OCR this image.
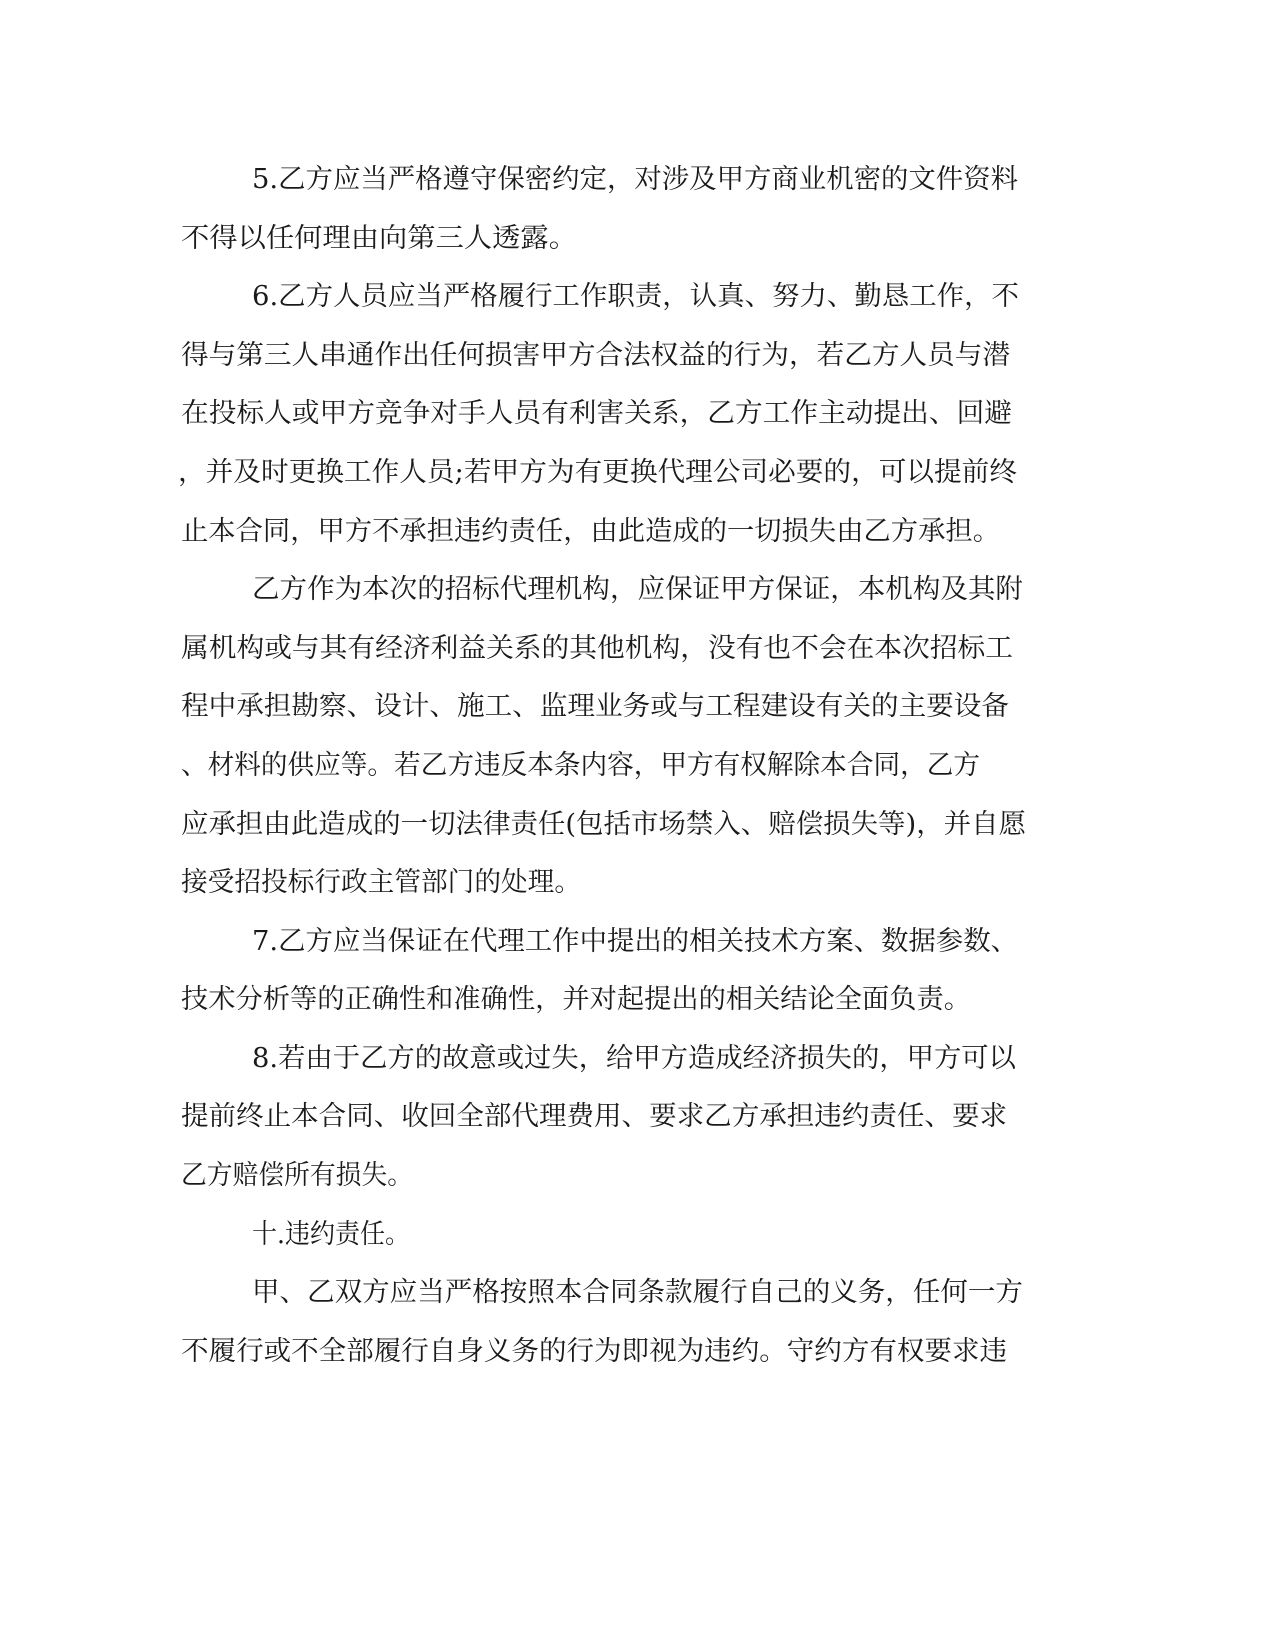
5.乙方应当严格遵守保密约定，对涉及甲方商业机密的文件资料
不得以任何理由向第三人透露。
6.乙方人员应当严格履行工作职责，认真、努力、勤恳工作，不
得与第三人串通作出任何损害甲方合法权益的行为，若乙方人员与潜
在投标人或甲方竞争对手人员有利害关系，乙方工作主动提出、回避
，并及时更换工作人员;若甲方为有更换代理公司必要的，可以提前终
止本合同，甲方不承担违约责任，由此造成的一切损失由乙方承担。
乙方作为本次的招标代理机构，应保证甲方保证，本机构及其附
属机构或与其有经济利益关系的其他机构，没有也不会在本次招标工
程中承担勘察、设计、施工、监理业务或与工程建设有关的主要设备
、材料的供应等。若乙方违反本条内容，甲方有权解除本合同，乙方
应承担由此造成的一切法律责任(包括市场禁入、赔偿损失等)，并自愿
接受招投标行政主管部门的处理。
7.乙方应当保证在代理工作中提出的相关技术方案、数据参数、
技术分析等的正确性和准确性，并对起提出的相关结论全面负责。
8.若由于乙方的故意或过失，给甲方造成经济损失的，甲方可以
提前终止本合同、收回全部代理费用、要求乙方承担违约责任、要求
乙方赔偿所有损失。
十.违约责任。
甲、乙双方应当严格按照本合同条款履行自己的义务，任何一方
不履行或不全部履行自身义务的行为即视为违约。守约方有权要求违
